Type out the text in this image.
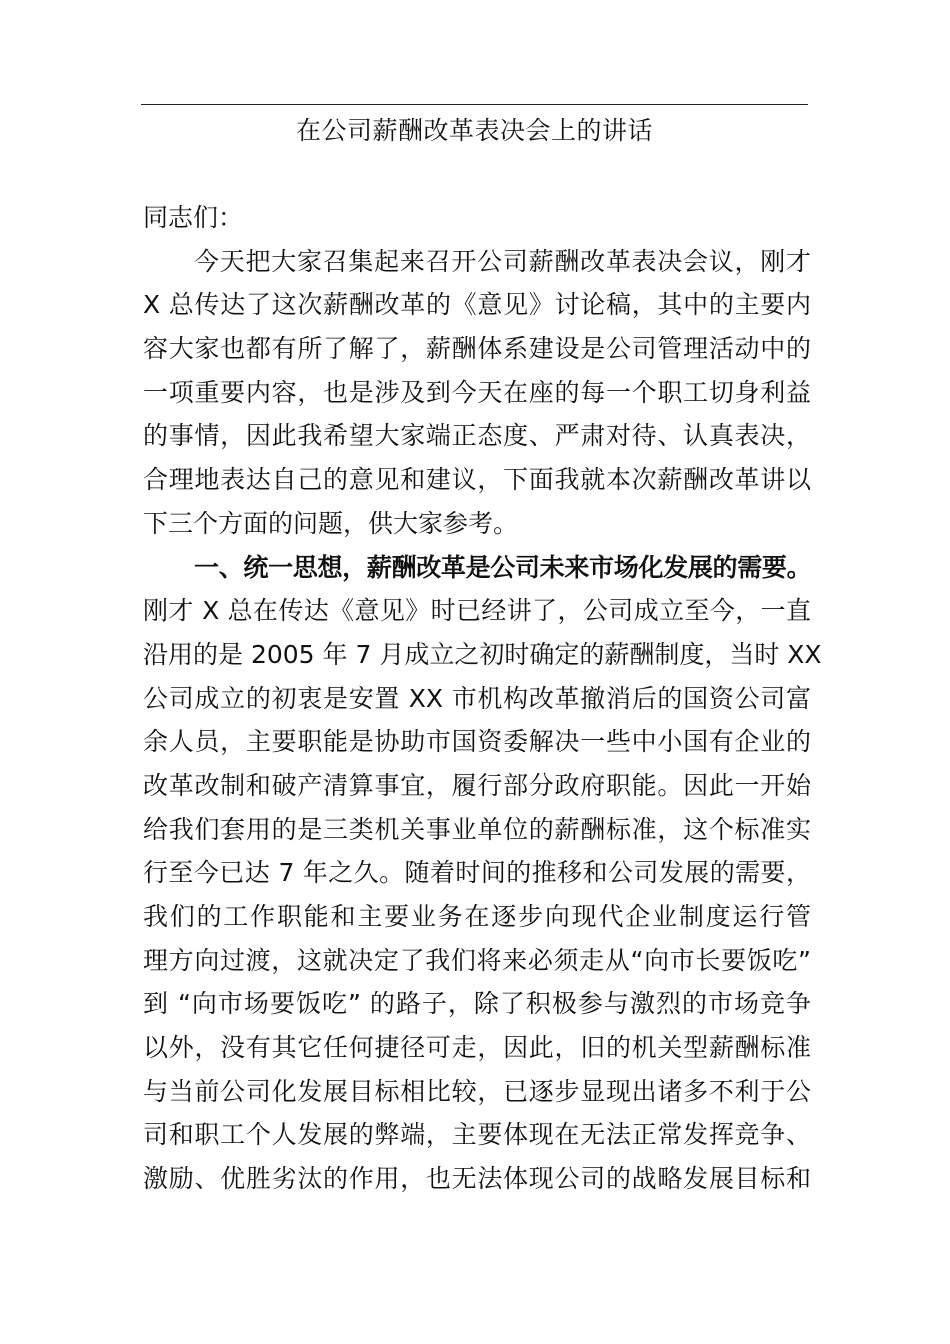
在公司薪酬改革表决会上的讲话
同志们：
今天把大家召集起来召开公司薪酬改革表决会议，刚才
X 总传达了这次薪酬改革的《意见》讨论稿，其中的主要内
容大家也都有所了解了，薪酬体系建设是公司管理活动中的
一项重要内容，也是涉及到今天在座的每一个职工切身利益
的事情，因此我希望大家端正态度、严肃对待、认真表决，
合理地表达自己的意见和建议，下面我就本次薪酬改革讲以
下三个方面的问题，供大家参考。
一、统一思想，薪酬改革是公司未来市场化发展的需要。
刚才 X 总在传达《意见》时已经讲了，公司成立至今，一直
沿用的是 2005 年 7 月成立之初时确定的薪酬制度，当时 XX
公司成立的初衷是安置 XX 市机构改革撤消后的国资公司富
余人员，主要职能是协助市国资委解决一些中小国有企业的
改革改制和破产清算事宜，履行部分政府职能。因此一开始
给我们套用的是三类机关事业单位的薪酬标准，这个标准实
行至今已达 7 年之久。随着时间的推移和公司发展的需要，
我们的工作职能和主要业务在逐步向现代企业制度运行管
理方向过渡，这就决定了我们将来必须走从“向市长要饭吃”
到 “向市场要饭吃” 的路子，除了积极参与激烈的市场竞争
以外，没有其它任何捷径可走，因此，旧的机关型薪酬标准
与当前公司化发展目标相比较，已逐步显现出诸多不利于公
司和职工个人发展的弊端，主要体现在无法正常发挥竞争、
激励、优胜劣汰的作用，也无法体现公司的战略发展目标和
